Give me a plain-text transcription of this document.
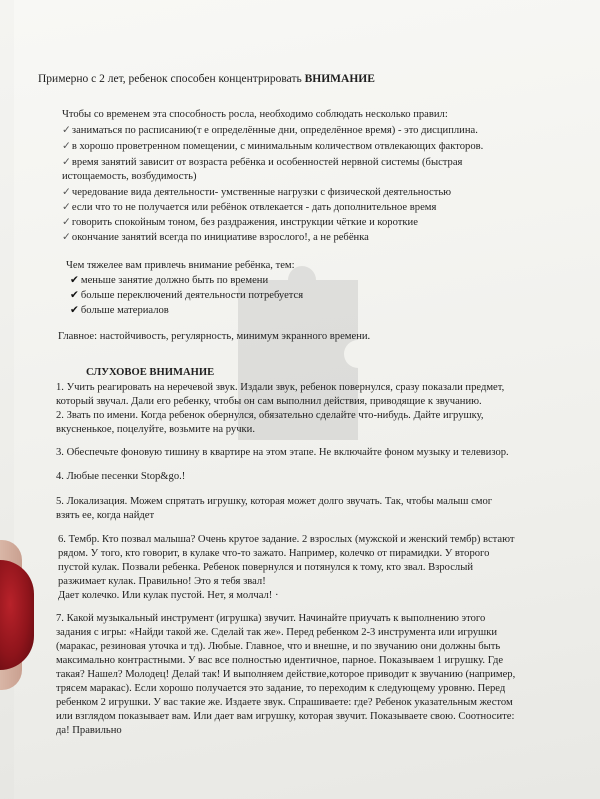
Примерно с 2 лет, ребенок способен концентрировать ВНИМАНИЕ
Чтобы со временем эта способность росла, необходимо соблюдать несколько правил:
✓заниматься по расписанию(т е определённые дни, определённое время) - это дисциплина.
✓в хорошо проветренном помещении, с минимальным количеством отвлекающих факторов.
✓время занятий зависит от возраста ребёнка и особенностей нервной системы (быстрая
истощаемость, возбудимость)
✓чередование вида деятельности- умственные нагрузки с физической деятельностью
✓если что то не получается или ребёнок отвлекается - дать дополнительное время
✓говорить спокойным тоном, без раздражения, инструкции чёткие и короткие
✓окончание занятий всегда по инициативе взрослого!, а не ребёнка
Чем тяжелее вам привлечь внимание ребёнка, тем:
✔ меньше занятие должно быть по времени
✔ больше переключений деятельности потребуется
✔ больше материалов
Главное: настойчивость, регулярность, минимум экранного времени.
СЛУХОВОЕ ВНИМАНИЕ
1. Учить реагировать на неречевой звук. Издали звук, ребенок повернулся, сразу показали предмет,
который звучал. Дали его ребенку, чтобы он сам выполнил действия, приводящие к звучанию.
2. Звать по имени. Когда ребенок обернулся, обязательно сделайте что-нибудь. Дайте игрушку,
вкусненькое, поцелуйте, возьмите на ручки.
3. Обеспечьте фоновую тишину в квартире на этом этапе. Не включайте фоном музыку и телевизор.
4. Любые песенки Stop&go.!
5. Локализация. Можем спрятать игрушку, которая может долго звучать. Так, чтобы малыш смог
взять ее, когда найдет
6. Тембр. Кто позвал малыша? Очень крутое задание. 2 взрослых (мужской и женский тембр) встают
рядом. У того, кто говорит, в кулаке что-то зажато. Например, колечко от пирамидки. У второго
пустой кулак. Позвали ребенка. Ребенок повернулся и потянулся к тому, кто звал. Взрослый
разжимает кулак. Правильно! Это я тебя звал!
Дает колечко. Или кулак пустой. Нет, я молчал! ·
7. Какой музыкальный инструмент (игрушка) звучит. Начинайте приучать к выполнению этого
задания с игры: «Найди такой же. Сделай так же». Перед ребенком 2-3 инструмента или игрушки
(маракас, резиновая уточка и тд). Любые. Главное, что и внешне, и по звучанию они должны быть
максимально контрастными. У вас все полностью идентичное, парное. Показываем 1 игрушку. Где
такая? Нашел? Молодец! Делай так! И выполняем действие,которое приводит к звучанию (например,
трясем маракас). Если хорошо получается это задание, то переходим к следующему уровню. Перед
ребенком 2 игрушки. У вас такие же. Издаете звук. Спрашиваете: где? Ребенок указательным жестом
или взглядом показывает вам. Или дает вам игрушку, которая звучит. Показываете свою. Соотносите:
да! Правильно
